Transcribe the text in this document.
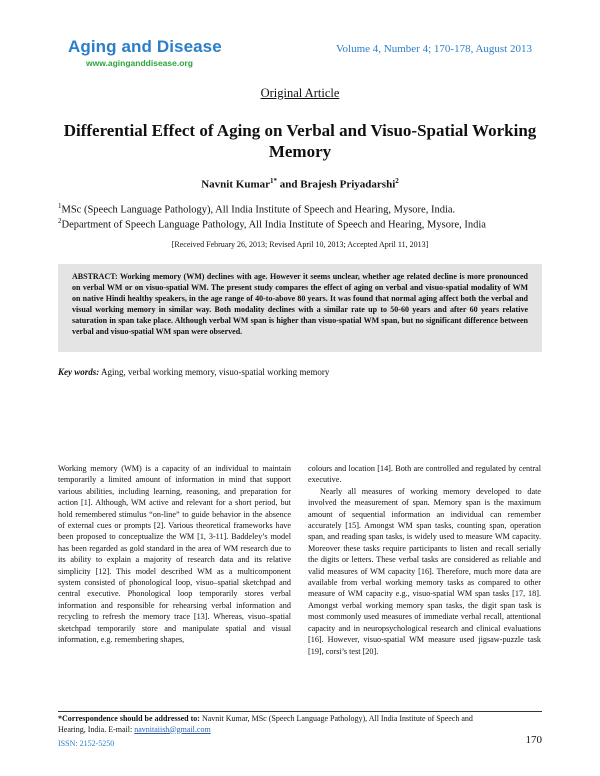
Aging and Disease
www.aginganddisease.org
Volume 4, Number 4; 170-178, August 2013
Original Article
Differential Effect of Aging on Verbal and Visuo-Spatial Working Memory
Navnit Kumar$^{1*}$ and Brajesh Priyadarshi$^2$
$^1$MSc (Speech Language Pathology), All India Institute of Speech and Hearing, Mysore, India.
$^2$Department of Speech Language Pathology, All India Institute of Speech and Hearing, Mysore, India
[Received February 26, 2013; Revised April 10, 2013; Accepted April 11, 2013]
ABSTRACT: Working memory (WM) declines with age. However it seems unclear, whether age related decline is more pronounced on verbal WM or on visuo-spatial WM. The present study compares the effect of aging on verbal and visuo-spatial modality of WM on native Hindi healthy speakers, in the age range of 40-to-above 80 years. It was found that normal aging affect both the verbal and visual working memory in similar way. Both modality declines with a similar rate up to 50-60 years and after 60 years relative saturation in span take place. Although verbal WM span is higher than visuo-spatial WM span, but no significant difference between verbal and visuo-spatial WM span were observed.
Key words: Aging, verbal working memory, visuo-spatial working memory

Working memory (WM) is a capacity of an individual to maintain temporarily a limited amount of information in mind that support various abilities, including learning, reasoning, and preparation for action [1]. Although, WM active and relevant for a short period, but hold remembered stimulus “on-line” to guide behavior in the absence of external cues or prompts [2]. Various theoretical frameworks have been proposed to conceptualize the WM [1, 3-11]. Baddeley’s model has been regarded as gold standard in the area of WM research due to its ability to explain a majority of research data and its relative simplicity [12]. This model described WM as a multicomponent system consisted of phonological loop, visuo–spatial sketchpad and central executive. Phonological loop temporarily stores verbal information and responsible for rehearsing verbal information and recycling to refresh the memory trace [13]. Whereas, visuo–spatial sketchpad temporarily store and manipulate spatial and visual information, e.g. remembering shapes,

colours and location [14]. Both are controlled and regulated by central executive.

Nearly all measures of working memory developed to date involved the measurement of span. Memory span is the maximum amount of sequential information an individual can remember accurately [15]. Amongst WM span tasks, counting span, operation span, and reading span tasks, is widely used to measure WM capacity. Moreover these tasks require participants to listen and recall serially the digits or letters. These verbal tasks are considered as reliable and valid measures of WM capacity [16]. Therefore, much more data are available from verbal working memory tasks as compared to other measure of WM capacity e.g., visuo-spatial WM span tasks [17, 18]. Amongst verbal working memory span tasks, the digit span task is most commonly used measures of immediate verbal recall, attentional capacity and in neuropsychological research and clinical evaluations [16]. However, visuo-spatial WM measure used jigsaw-puzzle task [19], corsi’s test [20].

*Correspondence should be addressed to: Navnit Kumar, MSc (Speech Language Pathology), All India Institute of Speech and Hearing, India. E-mail: navnitaiish@gmail.com
ISSN: 2152-5250	170
